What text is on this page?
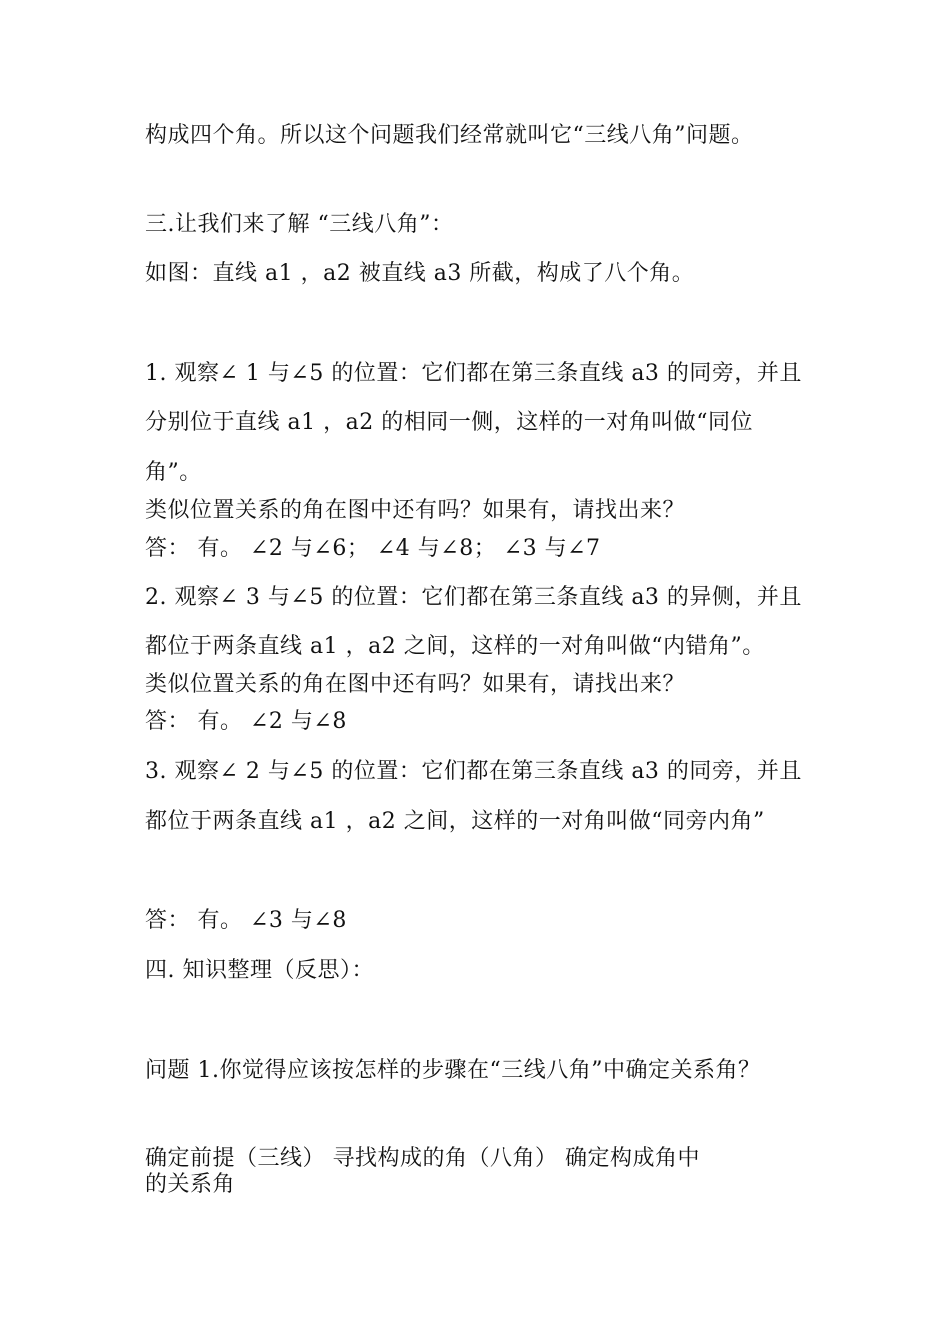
构成四个角。所以这个问题我们经常就叫它“三线八角”问题。
三.让我们来了解 “三线八角”：
如图：直线 a1 ，a2 被直线 a3 所截，构成了八个角。
1. 观察∠ 1 与∠5 的位置：它们都在第三条直线 a3 的同旁，并且
分别位于直线 a1 ，a2 的相同一侧，这样的一对角叫做“同位
角”。
类似位置关系的角在图中还有吗？如果有，请找出来？
答： 有。 ∠2 与∠6； ∠4 与∠8； ∠3 与∠7
2. 观察∠ 3 与∠5 的位置：它们都在第三条直线 a3 的异侧，并且
都位于两条直线 a1 ，a2 之间，这样的一对角叫做“内错角”。
类似位置关系的角在图中还有吗？如果有，请找出来？
答： 有。 ∠2 与∠8
3. 观察∠ 2 与∠5 的位置：它们都在第三条直线 a3 的同旁，并且
都位于两条直线 a1 ，a2 之间，这样的一对角叫做“同旁内角”
答： 有。 ∠3 与∠8
四. 知识整理（反思）：
问题 1.你觉得应该按怎样的步骤在“三线八角”中确定关系角？
确定前提（三线） 寻找构成的角（八角） 确定构成角中
的关系角
